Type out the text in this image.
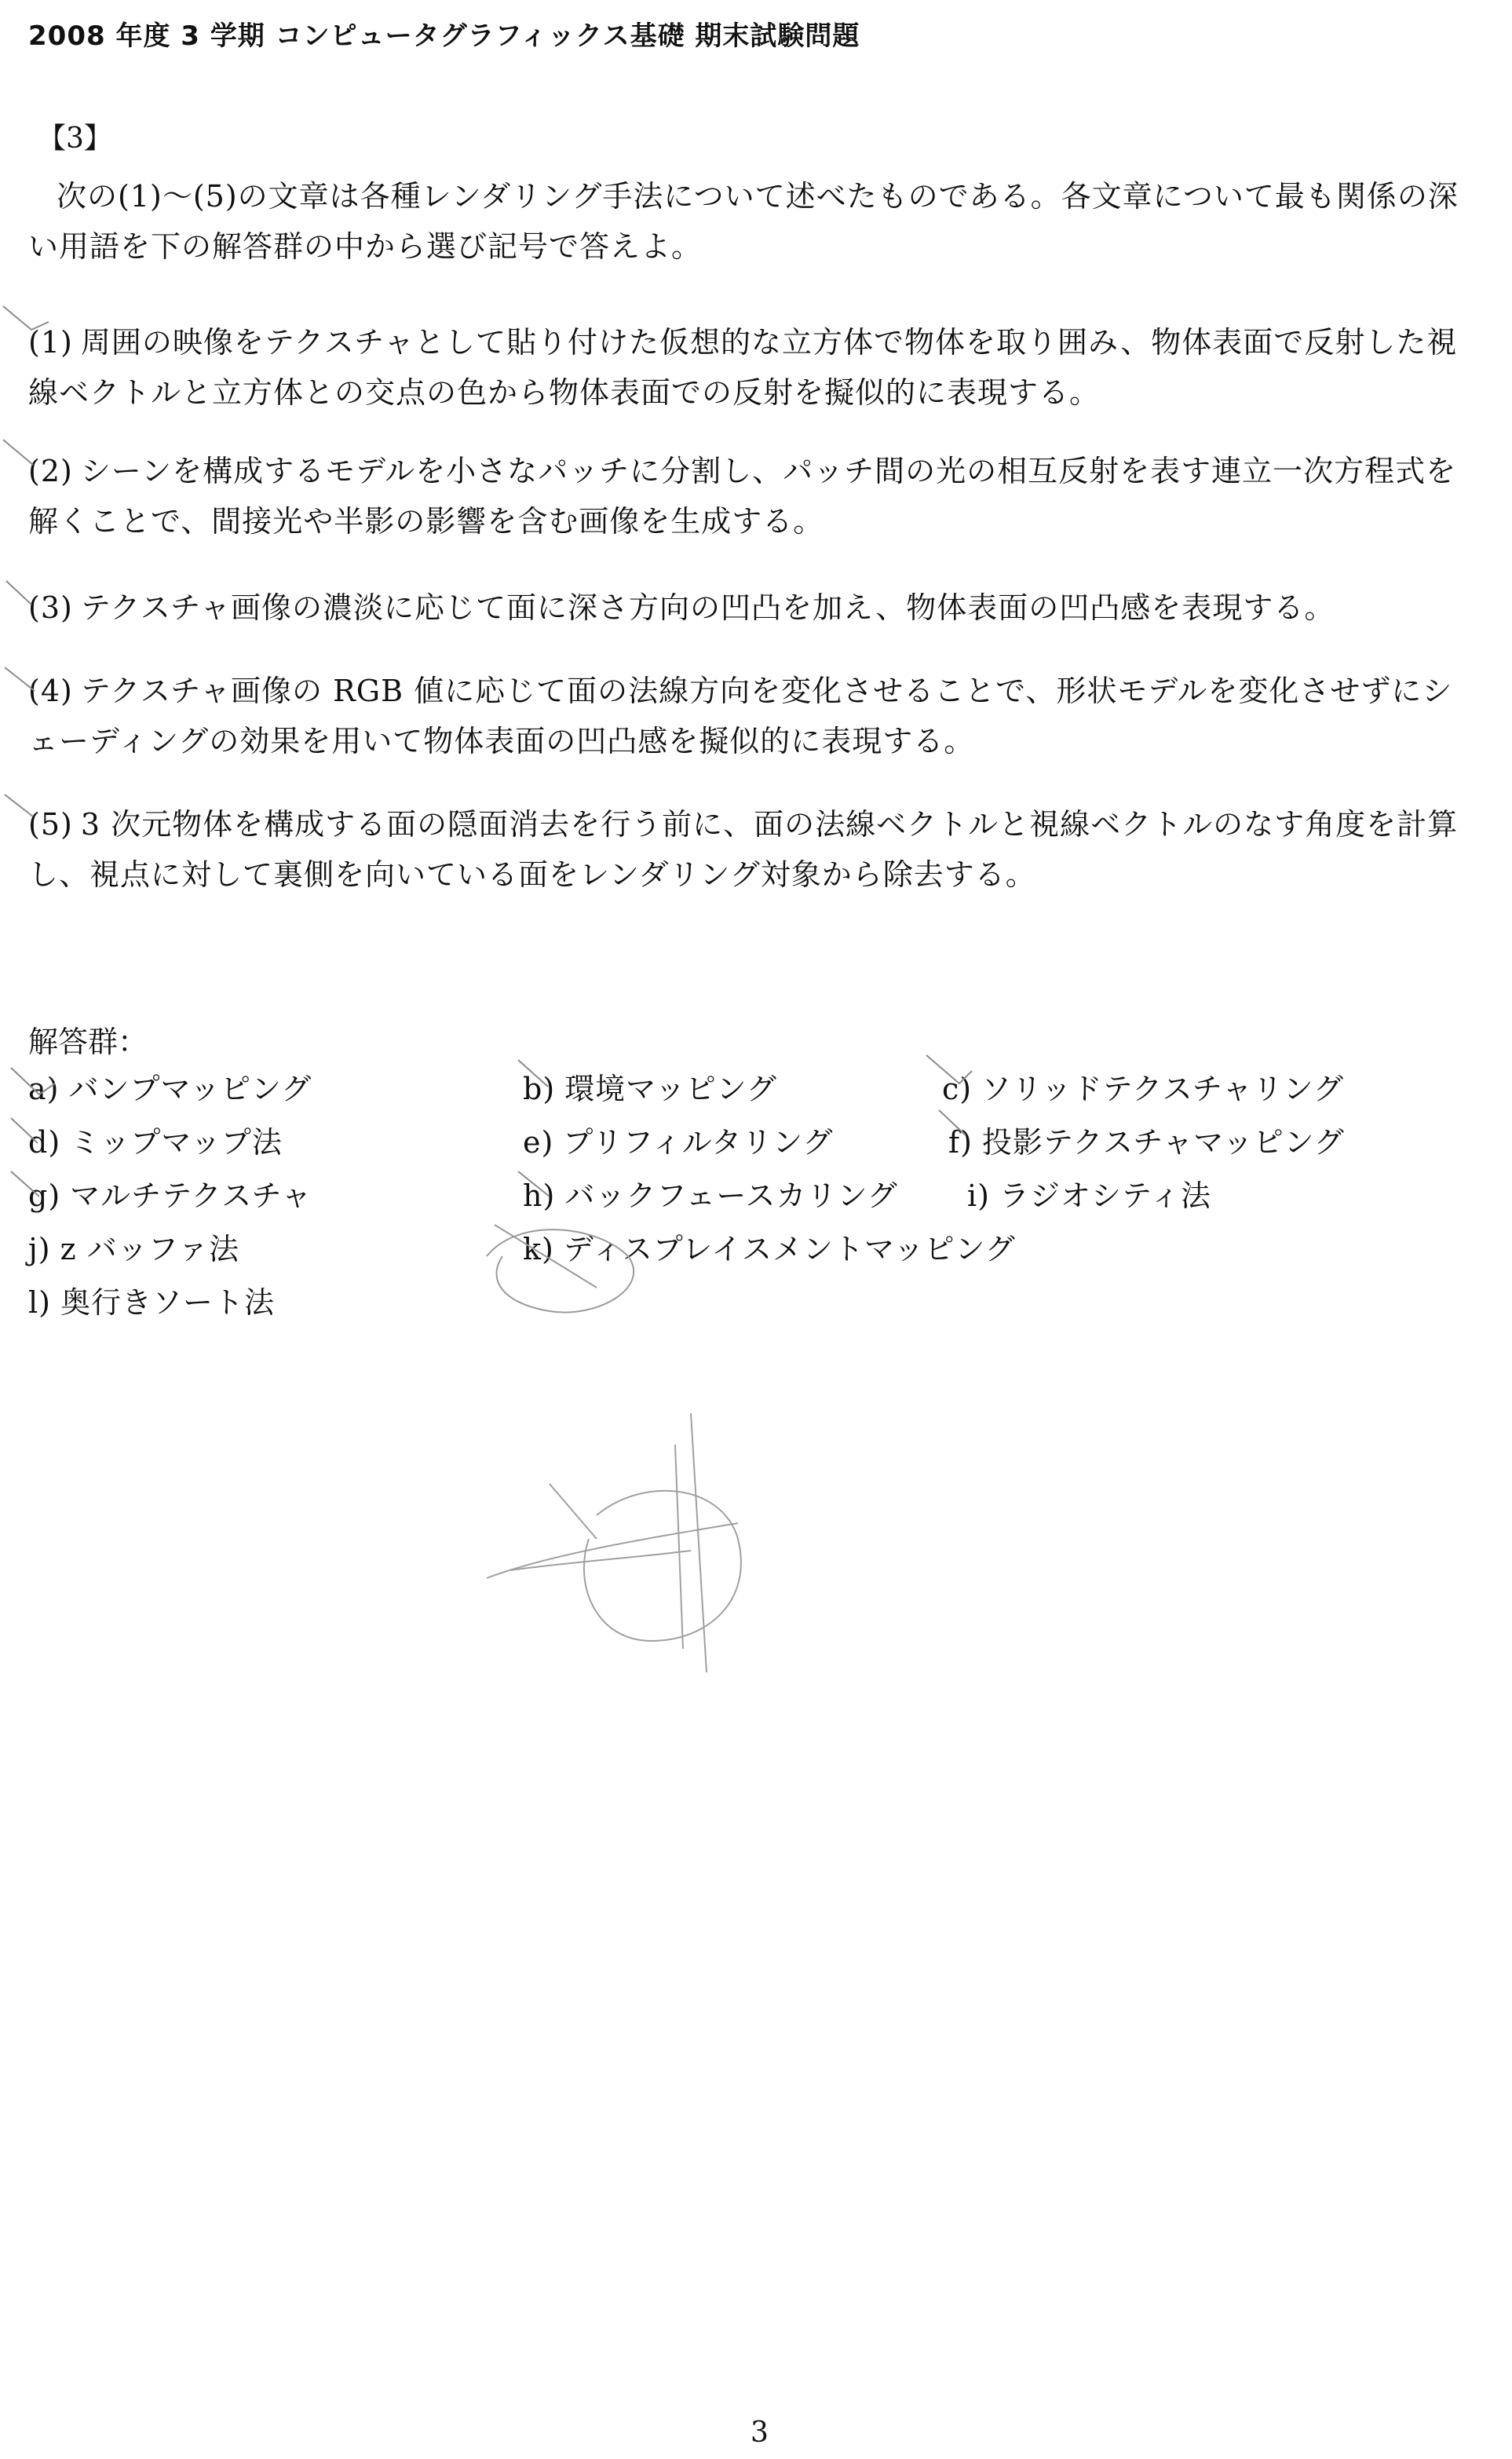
2008 年度 3 学期 コンピュータグラフィックス基礎 期末試験問題
【3】
次の(1)〜(5)の文章は各種レンダリング手法について述べたものである。各文章について最も関係の深い用語を下の解答群の中から選び記号で答えよ。
(1) 周囲の映像をテクスチャとして貼り付けた仮想的な立方体で物体を取り囲み、物体表面で反射した視線ベクトルと立方体との交点の色から物体表面での反射を擬似的に表現する。
(2) シーンを構成するモデルを小さなパッチに分割し、パッチ間の光の相互反射を表す連立一次方程式を解くことで、間接光や半影の影響を含む画像を生成する。
(3) テクスチャ画像の濃淡に応じて面に深さ方向の凹凸を加え、物体表面の凹凸感を表現する。
(4) テクスチャ画像の RGB 値に応じて面の法線方向を変化させることで、形状モデルを変化させずにシェーディングの効果を用いて物体表面の凹凸感を擬似的に表現する。
(5) 3 次元物体を構成する面の隠面消去を行う前に、面の法線ベクトルと視線ベクトルのなす角度を計算し、視点に対して裏側を向いている面をレンダリング対象から除去する。
解答群：
a) バンプマッピング	b) 環境マッピング	c) ソリッドテクスチャリング
d) ミップマップ法	e) プリフィルタリング	f) 投影テクスチャマッピング
g) マルチテクスチャ	h) バックフェースカリング i) ラジオシティ法
j) z バッファ法	k) ディスプレイスメントマッピング
l) 奥行きソート法
3
